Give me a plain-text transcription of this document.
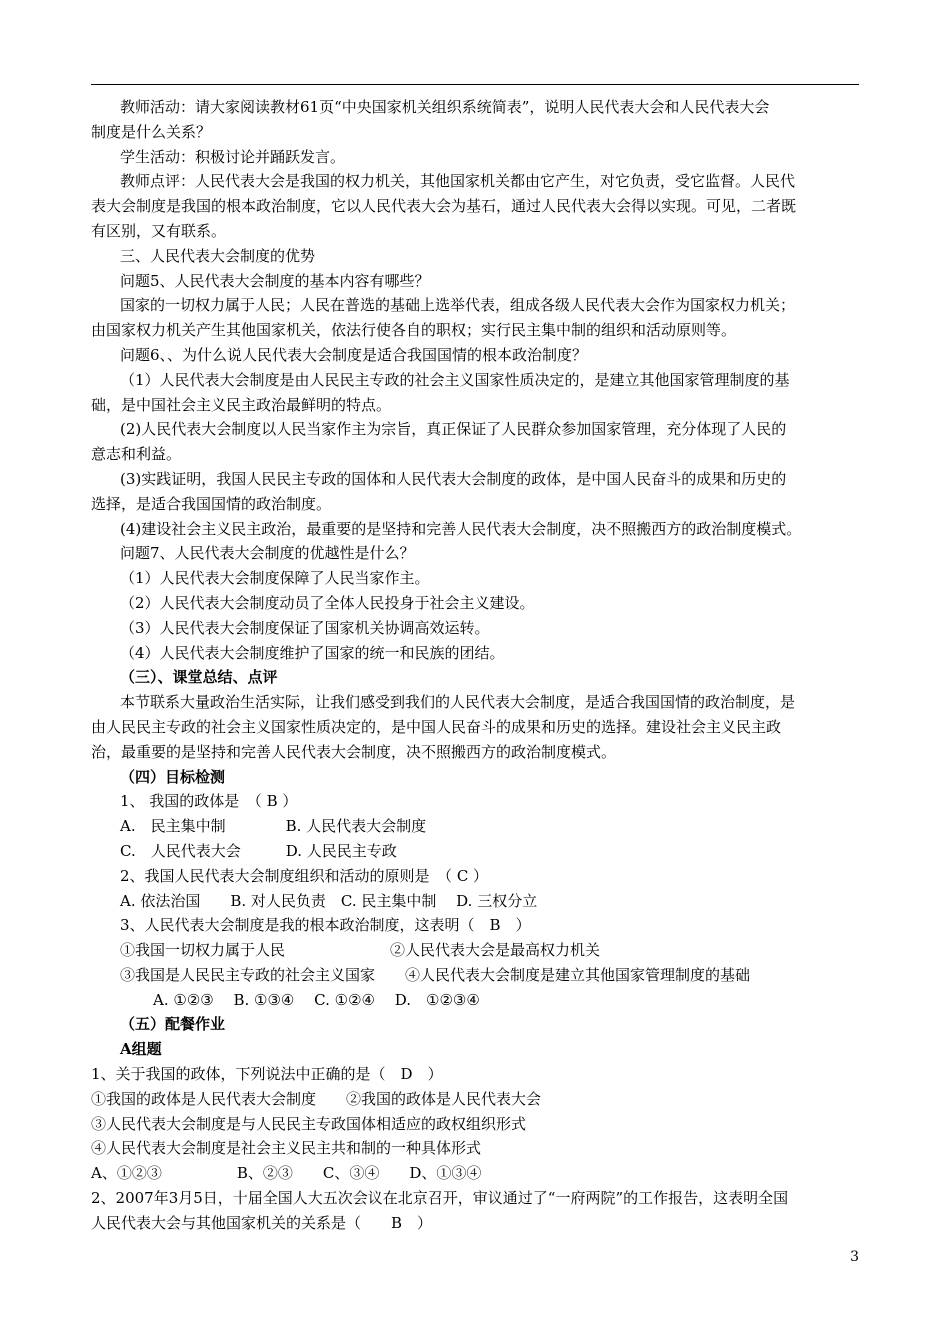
教师活动：请大家阅读教材61页“中央国家机关组织系统简表”，说明人民代表大会和人民代表大会
制度是什么关系？
学生活动：积极讨论并踊跃发言。
教师点评：人民代表大会是我国的权力机关，其他国家机关都由它产生，对它负责，受它监督。人民代
表大会制度是我国的根本政治制度，它以人民代表大会为基石，通过人民代表大会得以实现。可见，二者既
有区别，又有联系。
三、人民代表大会制度的优势
问题5、人民代表大会制度的基本内容有哪些？
国家的一切权力属于人民；人民在普选的基础上选举代表，组成各级人民代表大会作为国家权力机关；
由国家权力机关产生其他国家机关，依法行使各自的职权；实行民主集中制的组织和活动原则等。
问题6、、为什么说人民代表大会制度是适合我国国情的根本政治制度？
（1）人民代表大会制度是由人民民主专政的社会主义国家性质决定的，是建立其他国家管理制度的基
础，是中国社会主义民主政治最鲜明的特点。
(2)人民代表大会制度以人民当家作主为宗旨，真正保证了人民群众参加国家管理，充分体现了人民的
意志和利益。
(3)实践证明，我国人民民主专政的国体和人民代表大会制度的政体，是中国人民奋斗的成果和历史的
选择，是适合我国国情的政治制度。
(4)建设社会主义民主政治，最重要的是坚持和完善人民代表大会制度，决不照搬西方的政治制度模式。
问题7、人民代表大会制度的优越性是什么？
（1）人民代表大会制度保障了人民当家作主。
（2）人民代表大会制度动员了全体人民投身于社会主义建设。
（3）人民代表大会制度保证了国家机关协调高效运转。
（4）人民代表大会制度维护了国家的统一和民族的团结。
（三）、课堂总结、点评
本节联系大量政治生活实际，让我们感受到我们的人民代表大会制度，是适合我国国情的政治制度，是
由人民民主专政的社会主义国家性质决定的，是中国人民奋斗的成果和历史的选择。建设社会主义民主政
治，最重要的是坚持和完善人民代表大会制度，决不照搬西方的政治制度模式。
（四）目标检测
1、 我国的政体是　（ B ）
A.　民主集中制　　　　B. 人民代表大会制度
C.　人民代表大会　　　D. 人民民主专政
2、我国人民代表大会制度组织和活动的原则是　（ C ）
A. 依法治国　　B. 对人民负责　C. 民主集中制　 D. 三权分立
3、人民代表大会制度是我的根本政治制度，这表明（　B　）
①我国一切权力属于人民　　　　　　　②人民代表大会是最高权力机关
③我国是人民民主专政的社会主义国家　　④人民代表大会制度是建立其他国家管理制度的基础
A. ①②③　 B. ①③④　 C. ①②④　 D.　①②③④
（五）配餐作业
A组题
1、关于我国的政体，下列说法中正确的是（　D　）
①我国的政体是人民代表大会制度　　②我国的政体是人民代表大会
③人民代表大会制度是与人民民主专政国体相适应的政权组织形式
④人民代表大会制度是社会主义民主共和制的一种具体形式
A、①②③　　　　　B、②③　　C、③④　　D、①③④
2、2007年3月5日，十届全国人大五次会议在北京召开，审议通过了“一府两院”的工作报告，这表明全国
人民代表大会与其他国家机关的关系是（　　B　）
3
